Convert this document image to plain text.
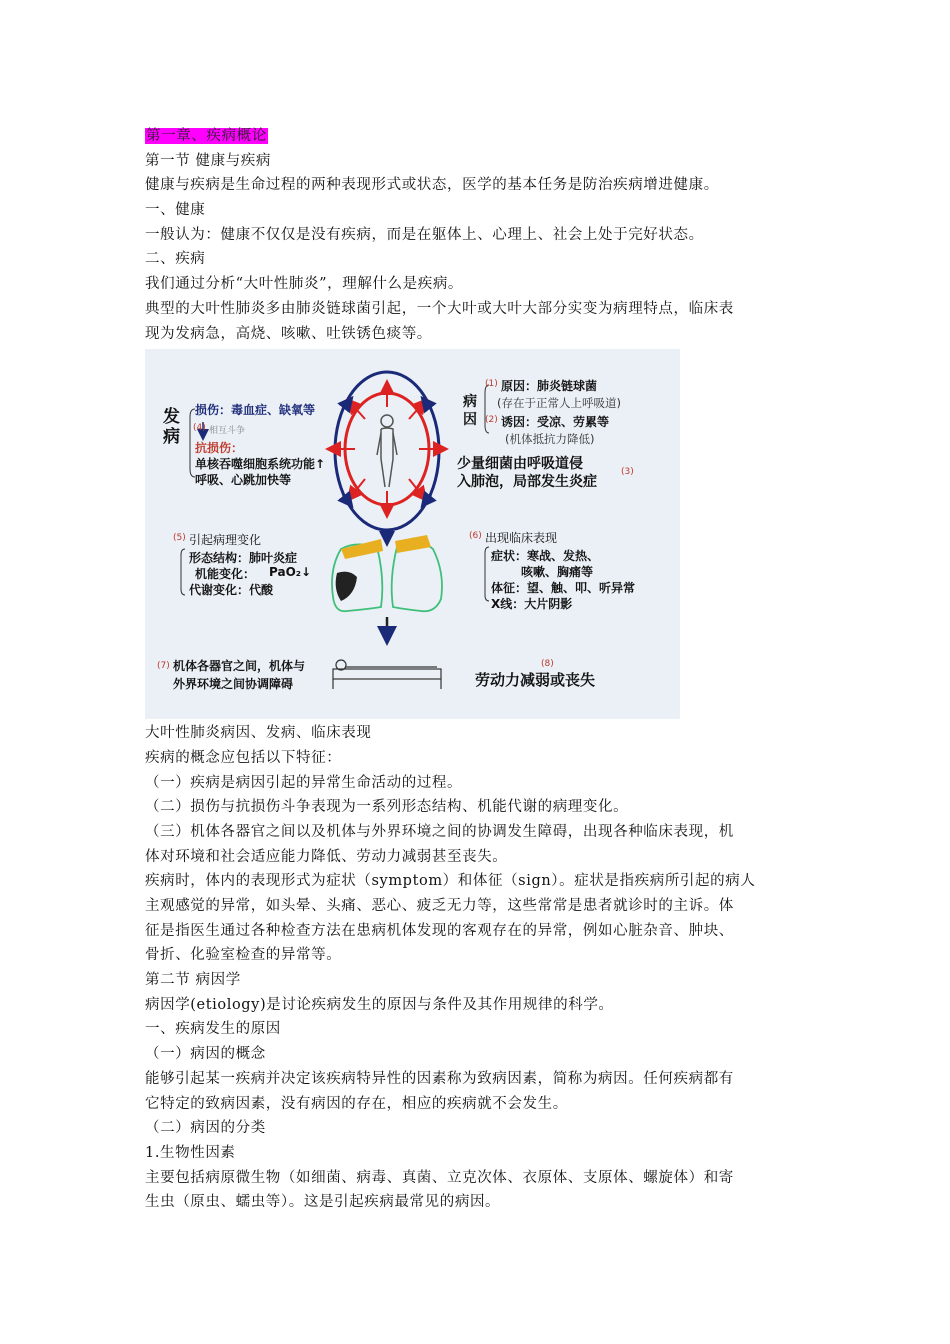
第一章、疾病概论
第一节 健康与疾病
健康与疾病是生命过程的两种表现形式或状态，医学的基本任务是防治疾病增进健康。
一、健康
一般认为：健康不仅仅是没有疾病，而是在躯体上、心理上、社会上处于完好状态。
二、疾病
我们通过分析“大叶性肺炎”，理解什么是疾病。
典型的大叶性肺炎多由肺炎链球菌引起，一个大叶或大叶大部分实变为病理特点，临床表
现为发病急，高烧、咳嗽、吐铁锈色痰等。
发病
损伤：毒血症、缺氧等
(4) 相互斗争
抗损伤：
单核吞噬细胞系统功能↑
呼吸、心跳加快等
病因
(1) 原因：肺炎链球菌
(存在于正常人上呼吸道)
(2) 诱因：受凉、劳累等
(机体抵抗力降低)
少量细菌由呼吸道侵
入肺泡，局部发生炎症
(3)
(5) 引起病理变化
形态结构：肺叶炎症
机能变化： PaO₂↓
代谢变化：代酸
(6) 出现临床表现
症状：寒战、发热、
咳嗽、胸痛等
体征：望、触、叩、听异常
X线：大片阴影
(7) 机体各器官之间，机体与
外界环境之间协调障碍
(8)
劳动力减弱或丧失
大叶性肺炎病因、发病、临床表现
疾病的概念应包括以下特征：
（一）疾病是病因引起的异常生命活动的过程。
（二）损伤与抗损伤斗争表现为一系列形态结构、机能代谢的病理变化。
（三）机体各器官之间以及机体与外界环境之间的协调发生障碍，出现各种临床表现，机
体对环境和社会适应能力降低、劳动力减弱甚至丧失。
疾病时，体内的表现形式为症状（symptom）和体征（sign）。症状是指疾病所引起的病人
主观感觉的异常，如头晕、头痛、恶心、疲乏无力等，这些常常是患者就诊时的主诉。体
征是指医生通过各种检查方法在患病机体发现的客观存在的异常，例如心脏杂音、肿块、
骨折、化验室检查的异常等。
第二节 病因学
病因学(etiology)是讨论疾病发生的原因与条件及其作用规律的科学。
一、疾病发生的原因
（一）病因的概念
能够引起某一疾病并决定该疾病特异性的因素称为致病因素，简称为病因。任何疾病都有
它特定的致病因素，没有病因的存在，相应的疾病就不会发生。
（二）病因的分类
1.生物性因素
主要包括病原微生物（如细菌、病毒、真菌、立克次体、衣原体、支原体、螺旋体）和寄
生虫（原虫、蠕虫等）。这是引起疾病最常见的病因。
